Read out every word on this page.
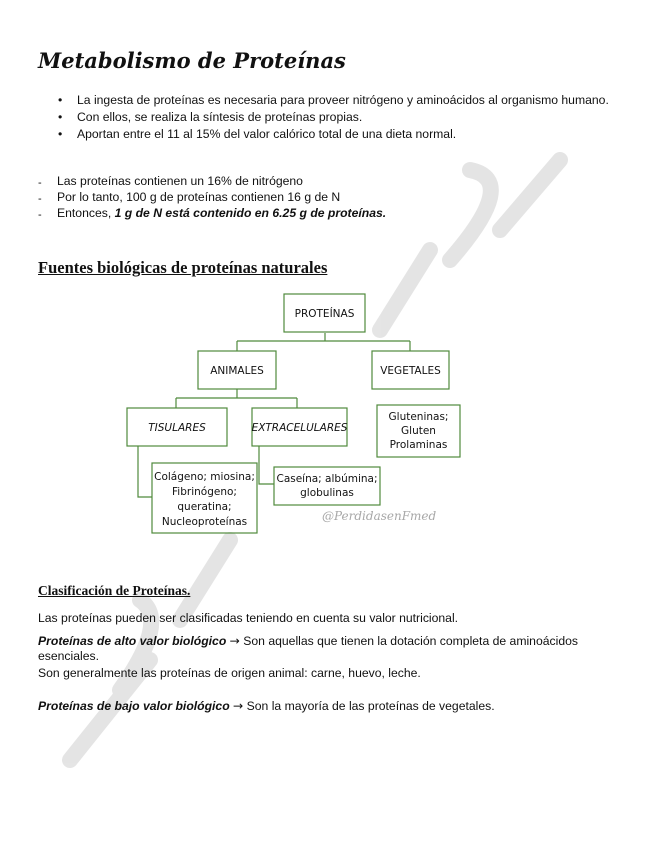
Metabolismo de Proteínas
• La ingesta de proteínas es necesaria para proveer nitrógeno y aminoácidos al organismo humano.
• Con ellos, se realiza la síntesis de proteínas propias.
• Aportan entre el 11 al 15% del valor calórico total de una dieta normal.
- Las proteínas contienen un 16% de nitrógeno
- Por lo tanto, 100 g de proteínas contienen 16 g de N
- Entonces, 1 g de N está contenido en 6.25 g de proteínas.
Fuentes biológicas de proteínas naturales
PROTEÍNAS
ANIMALES	VEGETALES
TISULARES	EXTRACELULARES
Gluteninas;
Gluten
Prolaminas
Colágeno; miosina;
Fibrinógeno;
queratina;
Nucleoproteínas
Caseína; albúmina;
globulinas
@PerdidasenFmed
Clasificación de Proteínas.

Las proteínas pueden ser clasificadas teniendo en cuenta su valor nutricional.

Proteínas de alto valor biológico → Son aquellas que tienen la dotación completa de aminoácidos esenciales.

Son generalmente las proteínas de origen animal: carne, huevo, leche.

Proteínas de bajo valor biológico → Son la mayoría de las proteínas de vegetales.
